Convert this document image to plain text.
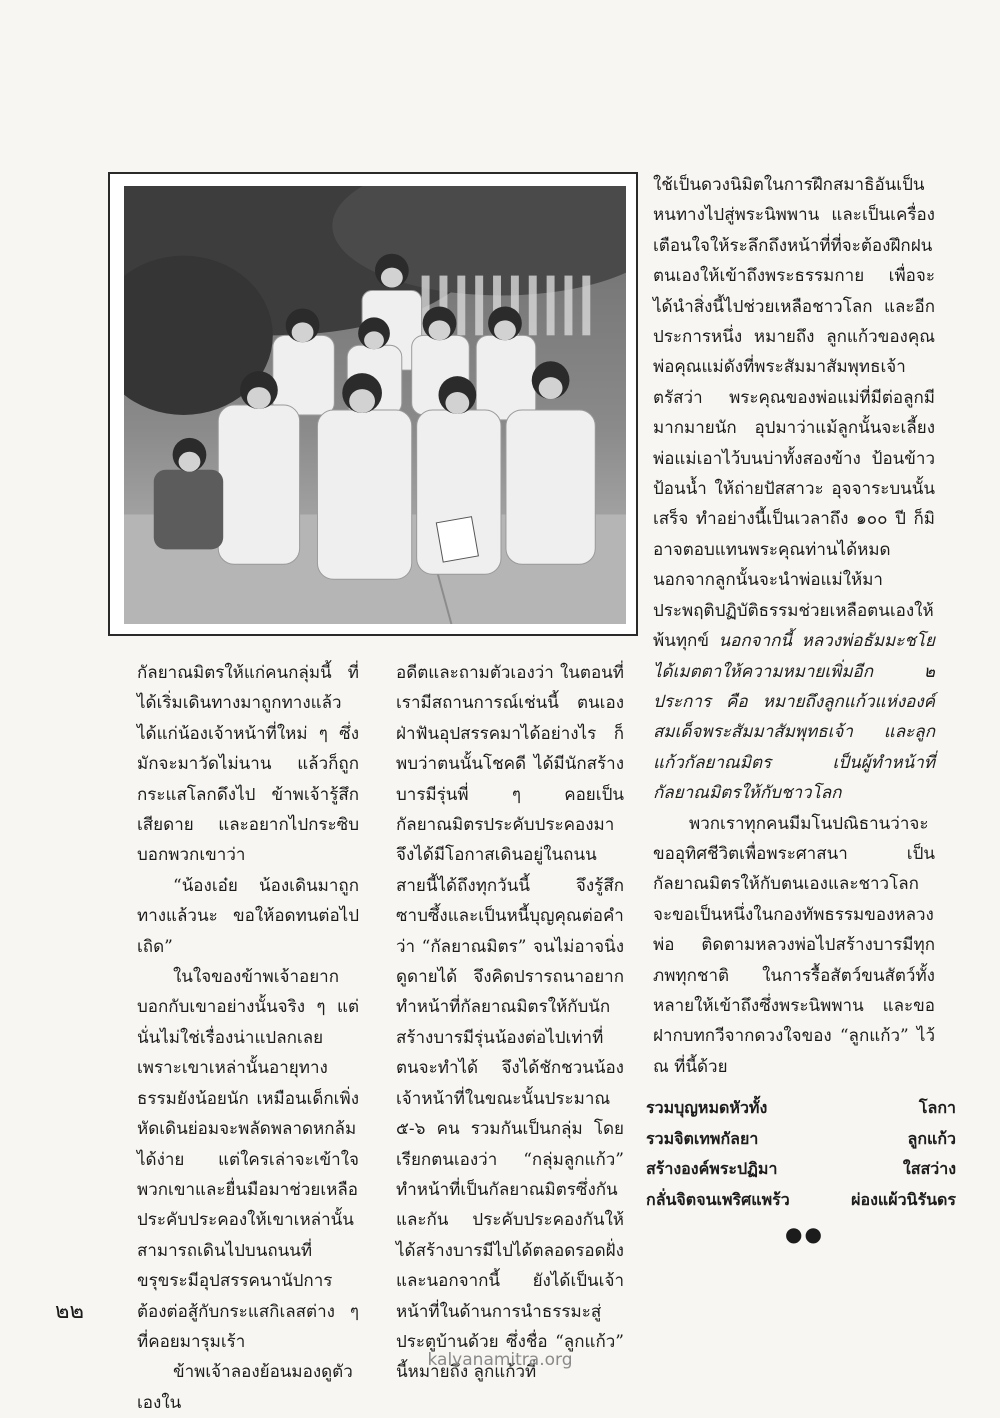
กัลยาณมิตรให้แก่คนกลุ่มนี้ ที่ได้เริ่มเดินทางมาถูกทางแล้ว ได้แก่น้องเจ้าหน้าที่ใหม่ ๆ ซึ่งมักจะมาวัดไม่นาน แล้วก็ถูกกระแสโลกดึงไป ข้าพเจ้ารู้สึกเสียดาย และอยากไปกระซิบบอกพวกเขาว่า

“น้องเอ๋ย น้องเดินมาถูกทางแล้วนะ ขอให้อดทนต่อไปเถิด”

ในใจของข้าพเจ้าอยากบอกกับเขาอย่างนั้นจริง ๆ แต่นั่นไม่ใช่เรื่องน่าแปลกเลย เพราะเขาเหล่านั้นอายุทางธรรมยังน้อยนัก เหมือนเด็กเพิ่งหัดเดินย่อมจะพลัดพลาดหกล้มได้ง่าย แต่ใครเล่าจะเข้าใจพวกเขาและยื่นมือมาช่วยเหลือ ประคับประคองให้เขาเหล่านั้นสามารถเดินไปบนถนนที่ขรุขระมีอุปสรรคนานัปการ ต้องต่อสู้กับกระแสกิเลสต่าง ๆ ที่คอยมารุมเร้า

ข้าพเจ้าลองย้อนมองดูตัวเองใน

อดีตและถามตัวเองว่า ในตอนที่เรามีสถานการณ์เช่นนี้ ตนเองฝ่าฟันอุปสรรคมาได้อย่างไร ก็พบว่าตนนั้นโชคดี ได้มีนักสร้างบารมีรุ่นพี่ ๆ คอยเป็นกัลยาณมิตรประคับประคองมา จึงได้มีโอกาสเดินอยู่ในถนนสายนี้ได้ถึงทุกวันนี้ จึงรู้สึกซาบซึ้งและเป็นหนี้บุญคุณต่อคำว่า “กัลยาณมิตร” จนไม่อาจนิ่งดูดายได้ จึงคิดปรารถนาอยากทำหน้าที่กัลยาณมิตรให้กับนักสร้างบารมีรุ่นน้องต่อไปเท่าที่ตนจะทำได้ จึงได้ชักชวนน้องเจ้าหน้าที่ในขณะนั้นประมาณ ๕-๖ คน รวมกันเป็นกลุ่ม โดยเรียกตนเองว่า “กลุ่มลูกแก้ว” ทำหน้าที่เป็นกัลยาณมิตรซึ่งกันและกัน ประคับประคองกันให้ได้สร้างบารมีไปได้ตลอดรอดฝั่ง และนอกจากนี้ ยังได้เป็นเจ้าหน้าที่ในด้านการนำธรรมะสู่ประตูบ้านด้วย ซึ่งชื่อ “ลูกแก้ว” นี้หมายถึง ลูกแก้วที่

ใช้เป็นดวงนิมิตในการฝึกสมาธิอันเป็นหนทางไปสู่พระนิพพาน และเป็นเครื่องเตือนใจให้ระลึกถึงหน้าที่ที่จะต้องฝึกฝนตนเองให้เข้าถึงพระธรรมกาย เพื่อจะได้นำสิ่งนี้ไปช่วยเหลือชาวโลก และอีกประการหนึ่ง หมายถึง ลูกแก้วของคุณพ่อคุณแม่ดังที่พระสัมมาสัมพุทธเจ้าตรัสว่า พระคุณของพ่อแม่ที่มีต่อลูกมีมากมายนัก อุปมาว่าแม้ลูกนั้นจะเลี้ยงพ่อแม่เอาไว้บนบ่าทั้งสองข้าง ป้อนข้าวป้อนน้ำ ให้ถ่ายปัสสาวะ อุจจาระบนนั้นเสร็จ ทำอย่างนี้เป็นเวลาถึง ๑๐๐ ปี ก็มิอาจตอบแทนพระคุณท่านได้หมด นอกจากลูกนั้นจะนำพ่อแม่ให้มาประพฤติปฏิบัติธรรมช่วยเหลือตนเองให้พ้นทุกข์ นอกจากนี้ หลวงพ่อธัมมะชโยได้เมตตาให้ความหมายเพิ่มอีก ๒ ประการ คือ หมายถึงลูกแก้วแห่งองค์สมเด็จพระสัมมาสัมพุทธเจ้า และลูกแก้วกัลยาณมิตร เป็นผู้ทำหน้าที่กัลยาณมิตรให้กับชาวโลก

พวกเราทุกคนมีมโนปณิธานว่าจะขออุทิศชีวิตเพื่อพระศาสนา เป็นกัลยาณมิตรให้กับตนเองและชาวโลก จะขอเป็นหนึ่งในกองทัพธรรมของหลวงพ่อ ติดตามหลวงพ่อไปสร้างบารมีทุกภพทุกชาติ ในการรื้อสัตว์ขนสัตว์ทั้งหลายให้เข้าถึงซึ่งพระนิพพาน และขอฝากบทกวีจากดวงใจของ “ลูกแก้ว” ไว้ ณ ที่นี้ด้วย

รวมบุญหมดหัวทั้ง	โลกา
รวมจิตเทพกัลยา	ลูกแก้ว
สร้างองค์พระปฏิมา	ใสสว่าง
กลั่นจิตจนเพริศแพร้ว	ผ่องแผ้วนิรันดร
●●
๒๒
kalyanamitra.org
